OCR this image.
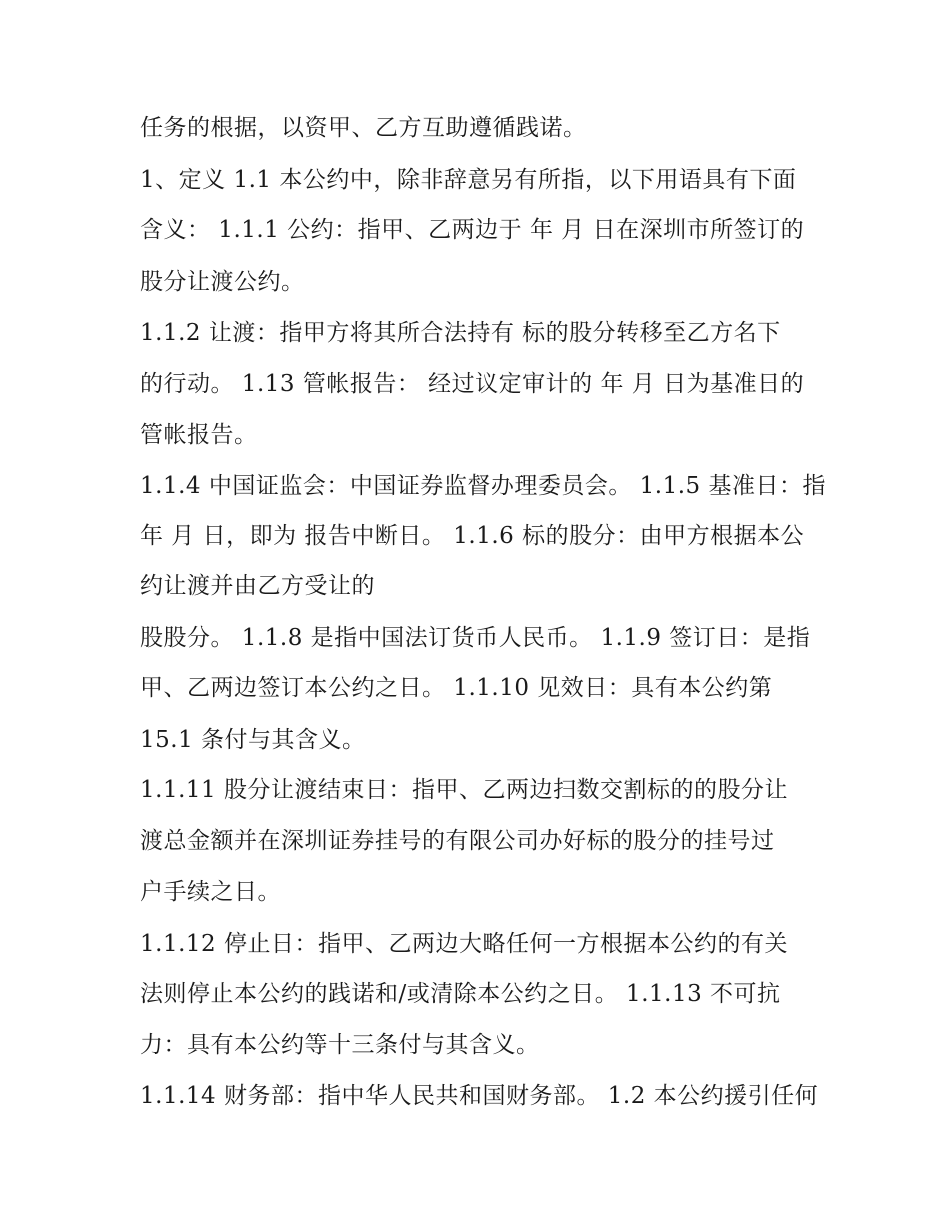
任务的根据，以资甲、乙方互助遵循践诺。
1、定义 1.1 本公约中，除非辞意另有所指，以下用语具有下面
含义： 1.1.1 公约：指甲、乙两边于 年 月 日在深圳市所签订的
股分让渡公约。
1.1.2 让渡：指甲方将其所合法持有 标的股分转移至乙方名下
的行动。 1.13 管帐报告： 经过议定审计的 年 月 日为基准日的
管帐报告。
1.1.4 中国证监会：中国证券监督办理委员会。 1.1.5 基准日：指
年 月 日，即为 报告中断日。 1.1.6 标的股分：由甲方根据本公
约让渡并由乙方受让的
股股分。 1.1.8 是指中国法订货币人民币。 1.1.9 签订日：是指
甲、乙两边签订本公约之日。 1.1.10 见效日：具有本公约第
15.1 条付与其含义。
1.1.11 股分让渡结束日：指甲、乙两边扫数交割标的的股分让
渡总金额并在深圳证券挂号的有限公司办好标的股分的挂号过
户手续之日。
1.1.12 停止日：指甲、乙两边大略任何一方根据本公约的有关
法则停止本公约的践诺和/或清除本公约之日。 1.1.13 不可抗
力：具有本公约等十三条付与其含义。
1.1.14 财务部：指中华人民共和国财务部。 1.2 本公约援引任何
